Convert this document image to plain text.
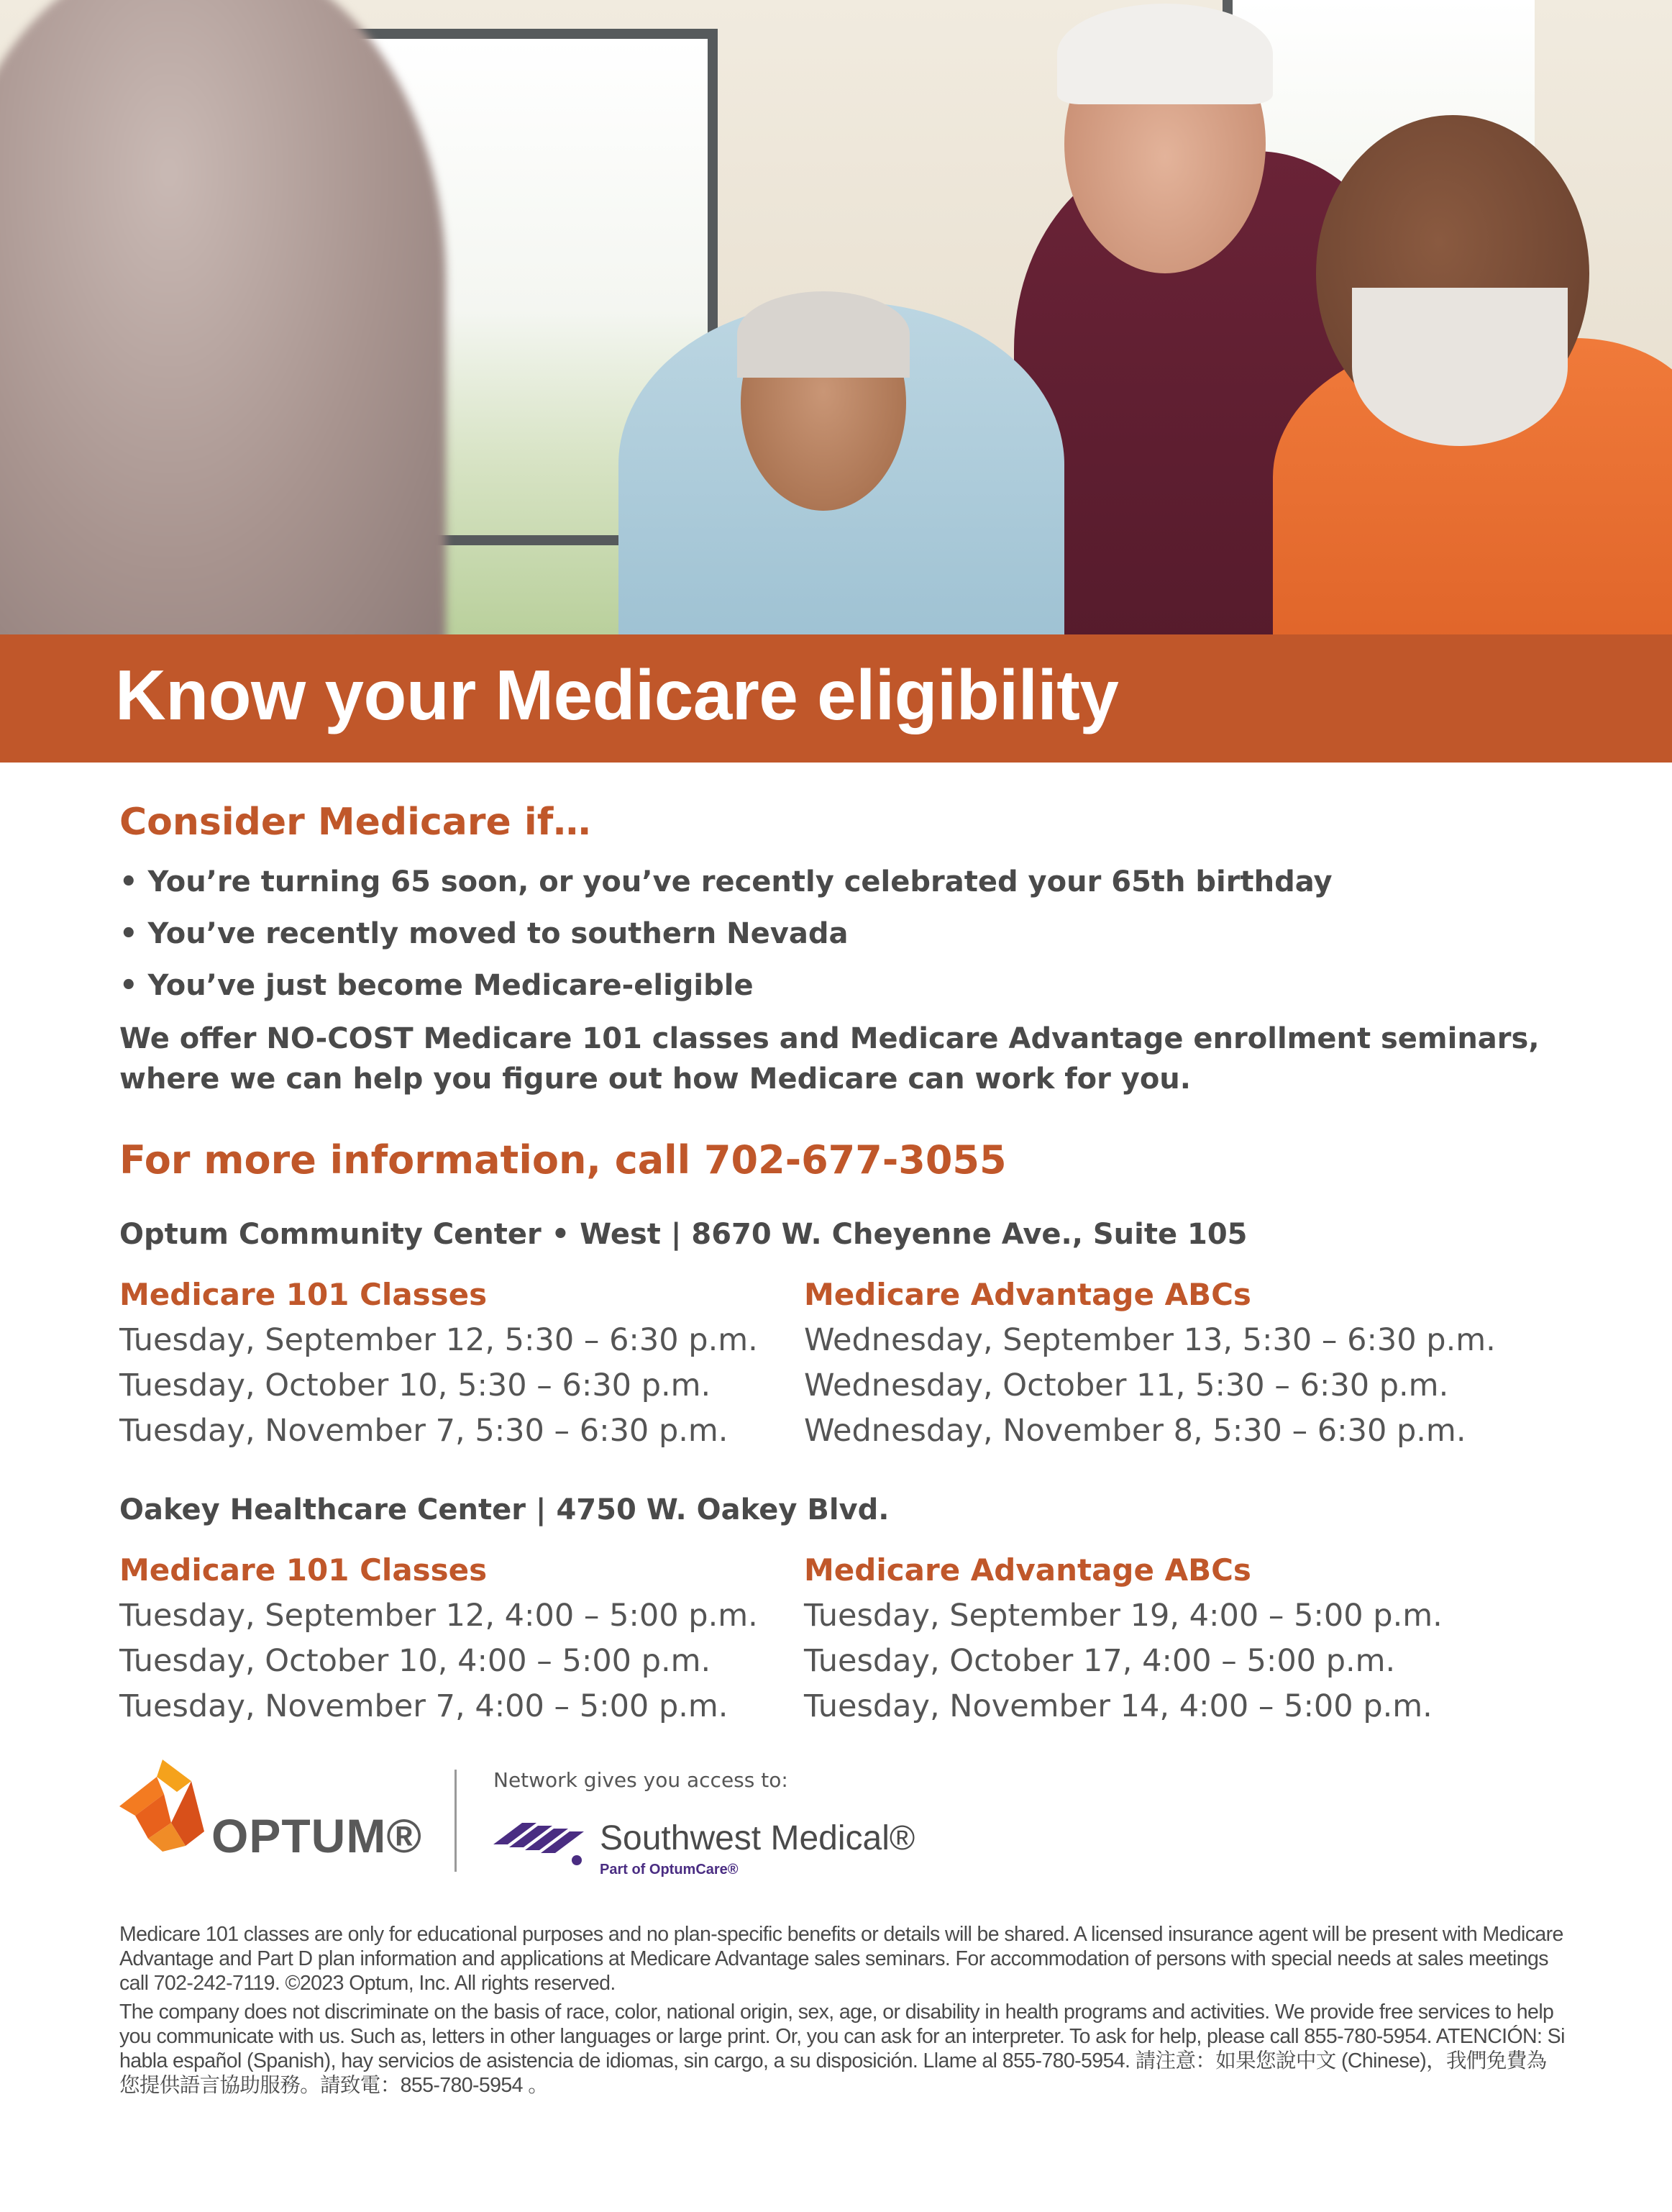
Know your Medicare eligibility

Consider Medicare if…

• You’re turning 65 soon, or you’ve recently celebrated your 65th birthday
• You’ve recently moved to southern Nevada
• You’ve just become Medicare-eligible

We offer NO-COST Medicare 101 classes and Medicare Advantage enrollment seminars, where we can help you figure out how Medicare can work for you.

For more information, call 702-677-3055

Optum Community Center • West | 8670 W. Cheyenne Ave., Suite 105

Medicare 101 Classes

Tuesday, September 12, 5:30 – 6:30 p.m.
Tuesday, October 10, 5:30 – 6:30 p.m.
Tuesday, November 7, 5:30 – 6:30 p.m.

Medicare Advantage ABCs

Wednesday, September 13, 5:30 – 6:30 p.m.
Wednesday, October 11, 5:30 – 6:30 p.m.
Wednesday, November 8, 5:30 – 6:30 p.m.

Oakey Healthcare Center | 4750 W. Oakey Blvd.

Medicare 101 Classes

Tuesday, September 12, 4:00 – 5:00 p.m.
Tuesday, October 10, 4:00 – 5:00 p.m.
Tuesday, November 7, 4:00 – 5:00 p.m.

Medicare Advantage ABCs

Tuesday, September 19, 4:00 – 5:00 p.m.
Tuesday, October 17, 4:00 – 5:00 p.m.
Tuesday, November 14, 4:00 – 5:00 p.m.
OPTUM®
Network gives you access to:
Southwest Medical®
Part of OptumCare®

Medicare 101 classes are only for educational purposes and no plan-specific benefits or details will be shared. A licensed insurance agent will be present with Medicare Advantage and Part D plan information and applications at Medicare Advantage sales seminars. For accommodation of persons with special needs at sales meetings call 702-242-7119. ©2023 Optum, Inc. All rights reserved.

The company does not discriminate on the basis of race, color, national origin, sex, age, or disability in health programs and activities. We provide free services to help you communicate with us. Such as, letters in other languages or large print. Or, you can ask for an interpreter. To ask for help, please call 855-780-5954. ATENCIÓN: Si habla español (Spanish), hay servicios de asistencia de idiomas, sin cargo, a su disposición. Llame al 855-780-5954. 請注意：如果您說中文 (Chinese)，我們免費為您提供語言協助服務。請致電：855-780-5954 。
